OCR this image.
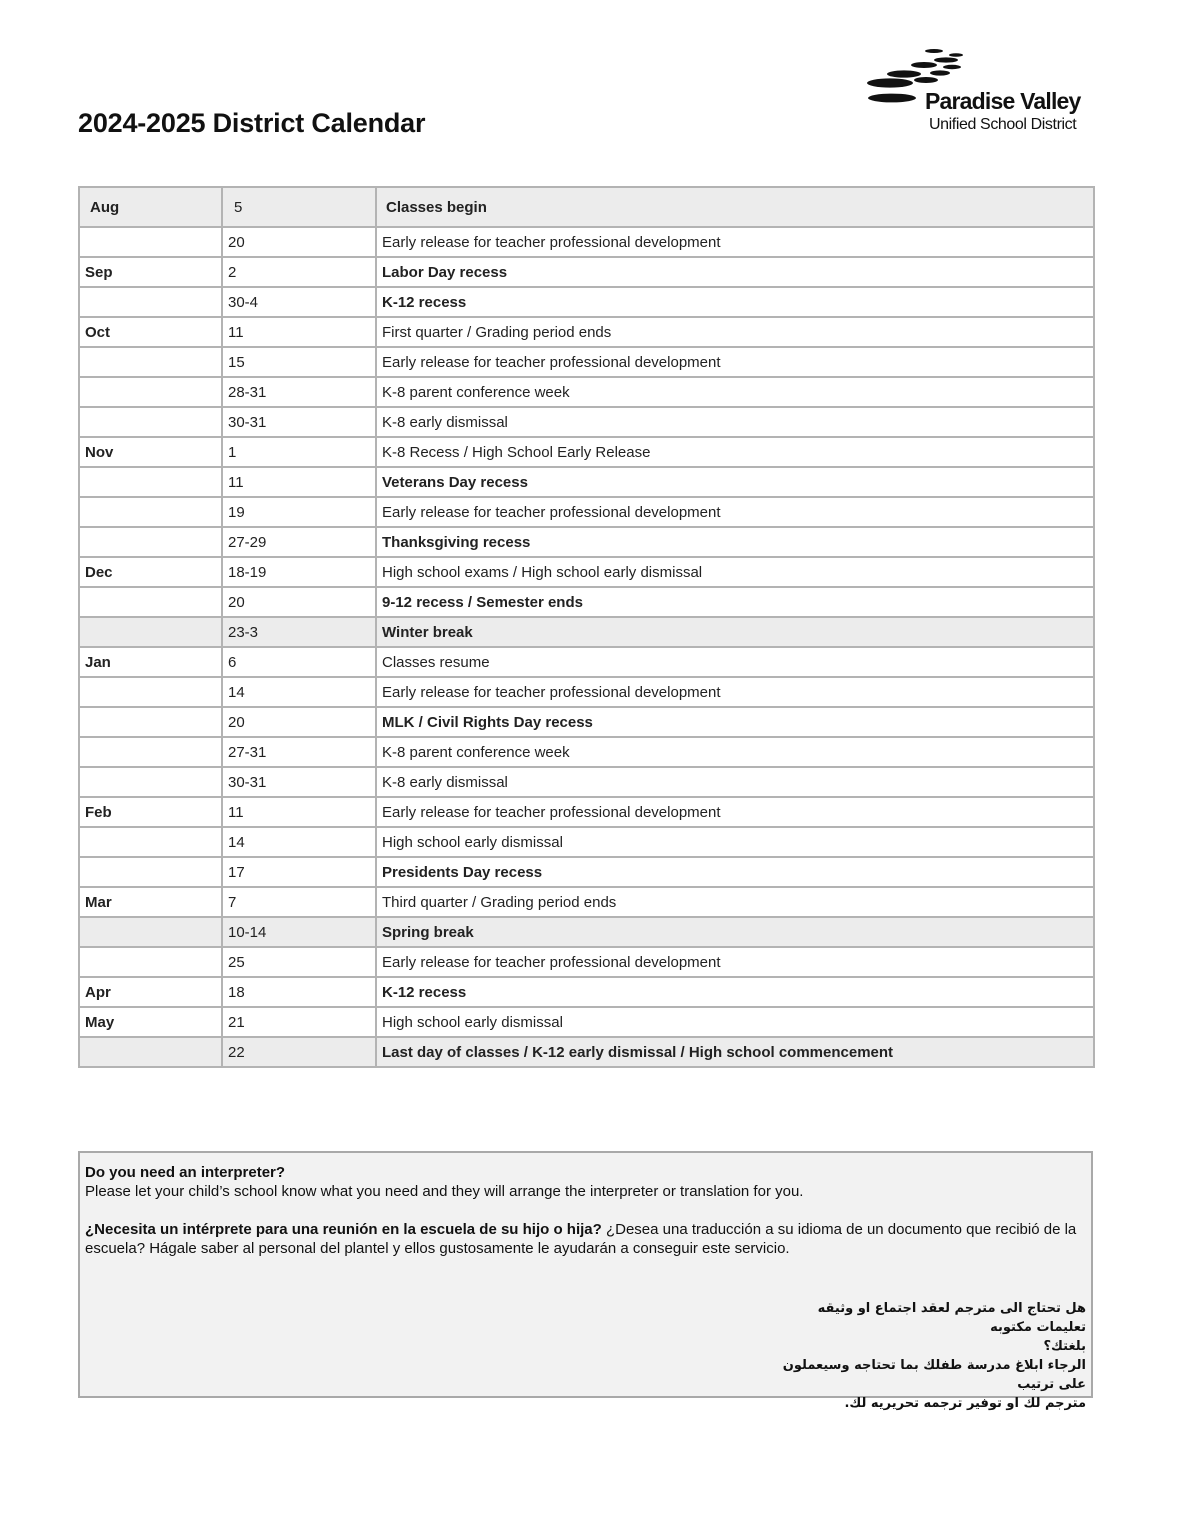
2024-2025 District Calendar
Paradise Valley
Unified School District
Aug	5	Classes begin
	20	Early release for teacher professional development
Sep	2	Labor Day recess
	30-4	K-12 recess
Oct	11	First quarter / Grading period ends
	15	Early release for teacher professional development
	28-31	K-8 parent conference week
	30-31	K-8 early dismissal
Nov	1	K-8 Recess / High School Early Release
	11	Veterans Day recess
	19	Early release for teacher professional development
	27-29	Thanksgiving recess
Dec	18-19	High school exams / High school early dismissal
	20	9-12 recess / Semester ends
	23-3	Winter break
Jan	6	Classes resume
	14	Early release for teacher professional development
	20	MLK / Civil Rights Day recess
	27-31	K-8 parent conference week
	30-31	K-8 early dismissal
Feb	11	Early release for teacher professional development
	14	High school early dismissal
	17	Presidents Day recess
Mar	7	Third quarter / Grading period ends
	10-14	Spring break
	25	Early release for teacher professional development
Apr	18	K-12 recess
May	21	High school early dismissal
	22	Last day of classes / K-12 early dismissal / High school commencement
Do you need an interpreter?
Please let your child’s school know what you need and they will arrange the interpreter or translation for you.
¿Necesita un intérprete para una reunión en la escuela de su hijo o hija? ¿Desea una traducción a su idioma de un documento que recibió de la escuela? Hágale saber al personal del plantel y ellos gustosamente le ayudarán a conseguir este servicio.
هل تحتاج الى مترجم لعقد اجتماع او وثيقه تعليمات مكتوبه
بلغتك؟
الرجاء ابلاغ مدرسة طفلك بما تحتاجه وسيعملون على ترتيب
مترجم لك او توفير ترجمه تحريريه لك.
